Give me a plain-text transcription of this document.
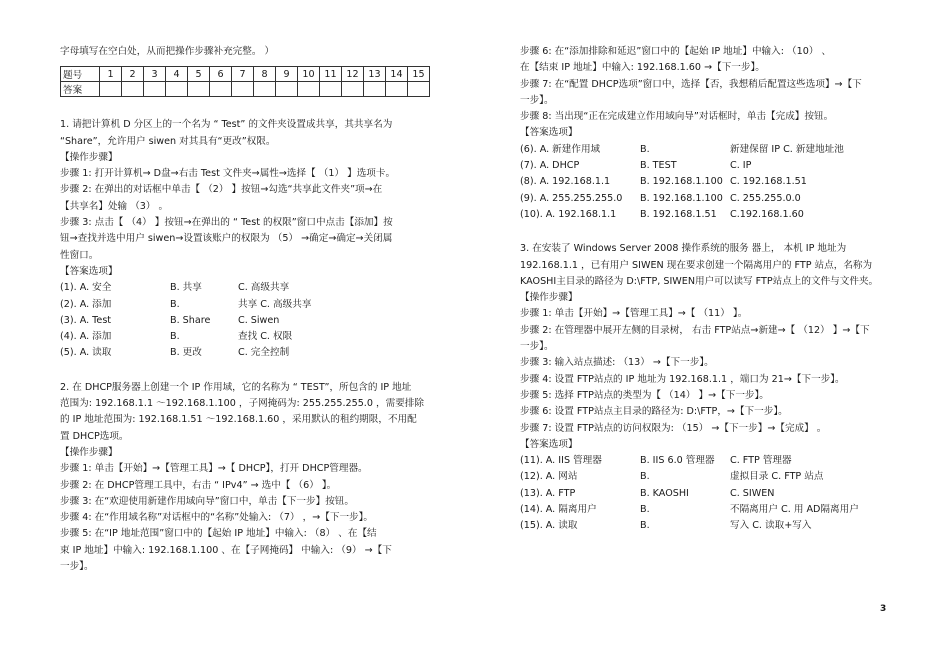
字母填写在空白处，从而把操作步骤补充完整。 ）
题号	1	2	3	4	5	6	7	8	9	10	11	12	13	14	15
答案															
1. 请把计算机 D 分区上的一个名为 “ Test” 的文件夹设置成共享，其共享名为
“Share”，允许用户 siwen 对其具有“更改”权限。
【操作步骤】
步骤 1: 打开计算机→ D盘→右击 Test 文件夹→属性→选择【 （1） 】选项卡。
步骤 2: 在弹出的对话框中单击【 （2） 】按钮→勾选“共享此文件夹”项→在
【共享名】处输 （3） 。
步骤 3: 点击【 （4） 】按钮→在弹出的 “ Test 的权限”窗口中点击【添加】按
钮→查找并选中用户 siwen→设置该账户的权限为 （5） →确定→确定→关闭属
性窗口。
【答案选项】
(1). A. 安全	B. 共享	C. 高级共享
(2). A. 添加	B.	共享 C. 高级共享
(3). A. Test	B. Share	C. Siwen
(4). A. 添加	B.	查找 C. 权限
(5). A. 读取	B. 更改	C. 完全控制
2. 在 DHCP服务器上创建一个 IP 作用域，它的名称为 “ TEST”，所包含的 IP 地址
范围为: 192.168.1.1 ～192.168.1.100 ，子网掩码为: 255.255.255.0 ，需要排除
的 IP 地址范围为: 192.168.1.51 ～192.168.1.60 ，采用默认的租约期限，不用配
置 DHCP选项。
【操作步骤】
步骤 1: 单击【开始】→【管理工具】→【 DHCP】，打开 DHCP管理器。
步骤 2: 在 DHCP管理工具中，右击 “ IPv4” → 选中【 （6） 】。
步骤 3: 在“欢迎使用新建作用域向导”窗口中，单击【下一步】按钮。
步骤 4: 在“作用域名称”对话框中的“名称”处输入: （7） ，→【下一步】。
步骤 5: 在“IP 地址范围”窗口中的【起始 IP 地址】中输入: （8） 、在【结
束 IP 地址】中输入: 192.168.1.100 、在【子网掩码】 中输入: （9） →【下
一步】。
步骤 6: 在“添加排除和延迟”窗口中的【起始 IP 地址】中输入: （10） 、
在【结束 IP 地址】中输入: 192.168.1.60 →【下一步】。
步骤 7: 在“配置 DHCP选项”窗口中，选择【否，我想稍后配置这些选项】→【下
一步】。
步骤 8: 当出现“正在完成建立作用域向导”对话框时，单击【完成】按钮。
【答案选项】
(6). A. 新建作用域	B.	新建保留 IP C. 新建地址池
(7). A. DHCP	B. TEST	C. IP
(8). A. 192.168.1.1	B. 192.168.1.100 C. 192.168.1.51
(9). A. 255.255.255.0	B. 192.168.1.100 C. 255.255.0.0
(10). A. 192.168.1.1	B. 192.168.1.51	C.192.168.1.60
3. 在安装了 Windows Server 2008 操作系统的服务 器上， 本机 IP 地址为
192.168.1.1 ，已有用户 SIWEN 现在要求创建一个隔离用户的 FTP 站点，名称为
KAOSHI主目录的路径为 D:\FTP, SIWEN用户可以读写 FTP站点上的文件与文件夹。
【操作步骤】
步骤 1: 单击【开始】→【管理工具】→【 （11） 】。
步骤 2: 在管理器中展开左侧的目录树， 右击 FTP站点→新建→【 （12） 】→【下
一步】。
步骤 3: 输入站点描述: （13） →【下一步】。
步骤 4: 设置 FTP站点的 IP 地址为 192.168.1.1 ，端口为 21→【下一步】。
步骤 5: 选择 FTP站点的类型为【 （14） 】→【下一步】。
步骤 6: 设置 FTP站点主目录的路径为: D:\FTP，→【下一步】。
步骤 7: 设置 FTP站点的访问权限为: （15） →【下一步】→【完成】 。
【答案选项】
(11). A. IIS 管理器	B. IIS 6.0 管理器	C. FTP 管理器
(12). A. 网站	B.	虚拟目录 C. FTP 站点
(13). A. FTP	B. KAOSHI	C. SIWEN
(14). A. 隔离用户	B.	不隔离用户 C. 用 AD隔离用户
(15). A. 读取	B.	写入 C. 读取+写入
3
